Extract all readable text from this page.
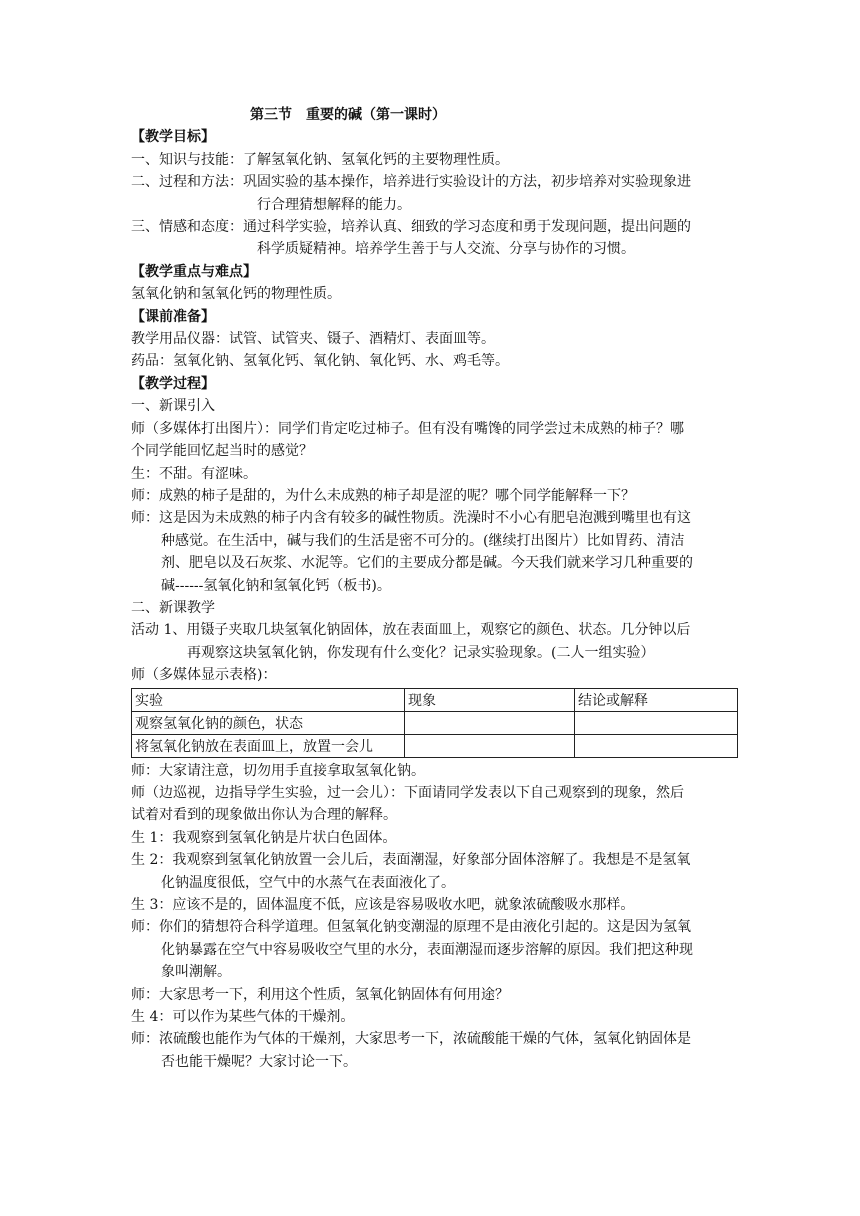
第三节　重要的碱（第一课时）
【教学目标】
一、知识与技能：了解氢氧化钠、氢氧化钙的主要物理性质。
二、过程和方法：巩固实验的基本操作，培养进行实验设计的方法，初步培养对实验现象进
行合理猜想解释的能力。
三、情感和态度：通过科学实验，培养认真、细致的学习态度和勇于发现问题，提出问题的
科学质疑精神。培养学生善于与人交流、分享与协作的习惯。
【教学重点与难点】
氢氧化钠和氢氧化钙的物理性质。
【课前准备】
教学用品仪器：试管、试管夹、镊子、酒精灯、表面皿等。
药品：氢氧化钠、氢氧化钙、氧化钠、氧化钙、水、鸡毛等。
【教学过程】
一、新课引入
师（多媒体打出图片）：同学们肯定吃过柿子。但有没有嘴馋的同学尝过未成熟的柿子？哪
个同学能回忆起当时的感觉？
生：不甜。有涩味。
师：成熟的柿子是甜的，为什么未成熟的柿子却是涩的呢？哪个同学能解释一下？
师：这是因为未成熟的柿子内含有较多的碱性物质。洗澡时不小心有肥皂泡溅到嘴里也有这
种感觉。在生活中，碱与我们的生活是密不可分的。(继续打出图片）比如胃药、清洁
剂、肥皂以及石灰浆、水泥等。它们的主要成分都是碱。今天我们就来学习几种重要的
碱------氢氧化钠和氢氧化钙（板书)。
二、新课教学
活动 1、用镊子夹取几块氢氧化钠固体，放在表面皿上，观察它的颜色、状态。几分钟以后
再观察这块氢氧化钠，你发现有什么变化？记录实验现象。(二人一组实验）
师（多媒体显示表格)：
实验	现象	结论或解释
观察氢氧化钠的颜色，状态		
将氢氧化钠放在表面皿上，放置一会儿		
师：大家请注意，切勿用手直接拿取氢氧化钠。
师（边巡视，边指导学生实验，过一会儿）：下面请同学发表以下自己观察到的现象，然后
试着对看到的现象做出你认为合理的解释。
生 1：我观察到氢氧化钠是片状白色固体。
生 2：我观察到氢氧化钠放置一会儿后，表面潮湿，好象部分固体溶解了。我想是不是氢氧
化钠温度很低，空气中的水蒸气在表面液化了。
生 3：应该不是的，固体温度不低，应该是容易吸收水吧，就象浓硫酸吸水那样。
师：你们的猜想符合科学道理。但氢氧化钠变潮湿的原理不是由液化引起的。这是因为氢氧
化钠暴露在空气中容易吸收空气里的水分，表面潮湿而逐步溶解的原因。我们把这种现
象叫潮解。
师：大家思考一下，利用这个性质，氢氧化钠固体有何用途？
生 4：可以作为某些气体的干燥剂。
师：浓硫酸也能作为气体的干燥剂，大家思考一下，浓硫酸能干燥的气体，氢氧化钠固体是
否也能干燥呢？大家讨论一下。
